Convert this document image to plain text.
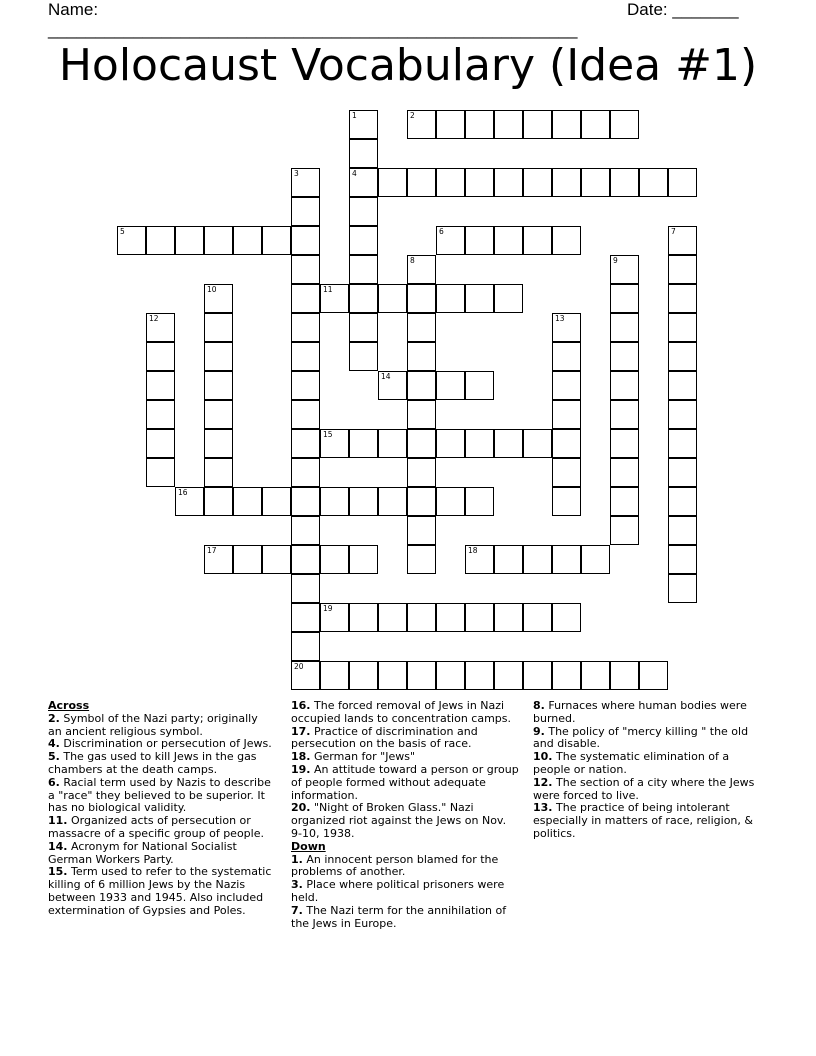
Name: ________________________________________________________
Date: _______
Holocaust Vocabulary (Idea #1)
2
4
5	6
11
14
15
16
17	18
19
20
1
3
7
8	9
10
12	13

Across

2. Symbol of the Nazi party; originally an ancient religious symbol.

4. Discrimination or persecution of Jews.

5. The gas used to kill Jews in the gas chambers at the death camps.

6. Racial term used by Nazis to describe a "race" they believed to be superior. It has no biological validity.

11. Organized acts of persecution or massacre of a specific group of people.

14. Acronym for National Socialist German Workers Party.

15. Term used to refer to the systematic killing of 6 million Jews by the Nazis between 1933 and 1945. Also included extermination of Gypsies and Poles.

16. The forced removal of Jews in Nazi occupied lands to concentration camps.

17. Practice of discrimination and persecution on the basis of race.

18. German for "Jews"

19. An attitude toward a person or group of people formed without adequate information.

20. "Night of Broken Glass." Nazi organized riot against the Jews on Nov. 9-10, 1938.

Down

1. An innocent person blamed for the problems of another.

3. Place where political prisoners were held.

7. The Nazi term for the annihilation of the Jews in Europe.

8. Furnaces where human bodies were burned.

9. The policy of "mercy killing " the old and disable.

10. The systematic elimination of a people or nation.

12. The section of a city where the Jews were forced to live.

13. The practice of being intolerant especially in matters of race, religion, & politics.
